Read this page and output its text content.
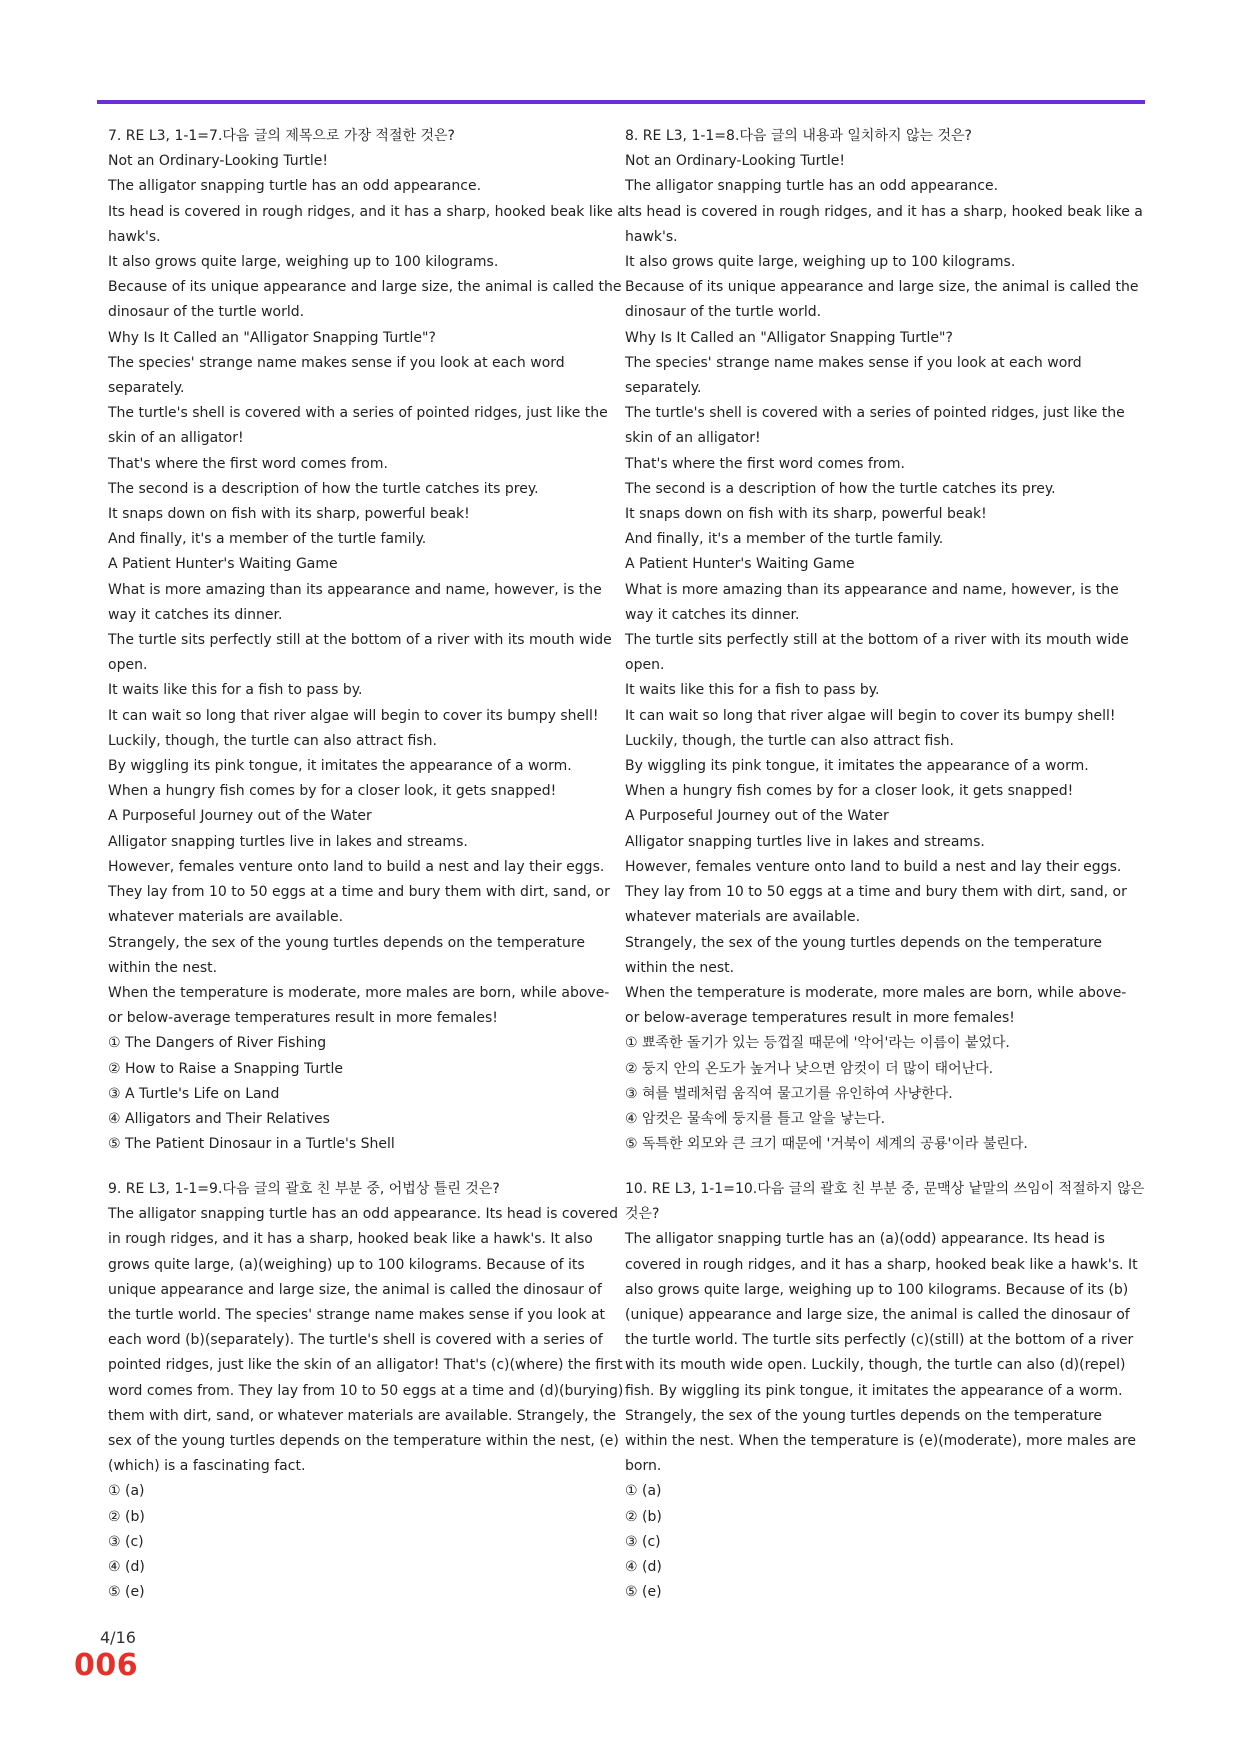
7. RE L3, 1-1=7.다음 글의 제목으로 가장 적절한 것은?

Not an Ordinary-Looking Turtle!

The alligator snapping turtle has an odd appearance.

Its head is covered in rough ridges, and it has a sharp, hooked beak like a hawk's.

It also grows quite large, weighing up to 100 kilograms.

Because of its unique appearance and large size, the animal is called the dinosaur of the turtle world.

Why Is It Called an "Alligator Snapping Turtle"?

The species' strange name makes sense if you look at each word separately.

The turtle's shell is covered with a series of pointed ridges, just like the skin of an alligator!

That's where the first word comes from.

The second is a description of how the turtle catches its prey.

It snaps down on fish with its sharp, powerful beak!

And finally, it's a member of the turtle family.

A Patient Hunter's Waiting Game

What is more amazing than its appearance and name, however, is the way it catches its dinner.

The turtle sits perfectly still at the bottom of a river with its mouth wide open.

It waits like this for a fish to pass by.

It can wait so long that river algae will begin to cover its bumpy shell!

Luckily, though, the turtle can also attract fish.

By wiggling its pink tongue, it imitates the appearance of a worm.

When a hungry fish comes by for a closer look, it gets snapped!

A Purposeful Journey out of the Water

Alligator snapping turtles live in lakes and streams.

However, females venture onto land to build a nest and lay their eggs.

They lay from 10 to 50 eggs at a time and bury them with dirt, sand, or whatever materials are available.

Strangely, the sex of the young turtles depends on the temperature within the nest.

When the temperature is moderate, more males are born, while above- or below-average temperatures result in more females!

① The Dangers of River Fishing

② How to Raise a Snapping Turtle

③ A Turtle's Life on Land

④ Alligators and Their Relatives

⑤ The Patient Dinosaur in a Turtle's Shell

8. RE L3, 1-1=8.다음 글의 내용과 일치하지 않는 것은?

Not an Ordinary-Looking Turtle!

The alligator snapping turtle has an odd appearance.

Its head is covered in rough ridges, and it has a sharp, hooked beak like a hawk's.

It also grows quite large, weighing up to 100 kilograms.

Because of its unique appearance and large size, the animal is called the dinosaur of the turtle world.

Why Is It Called an "Alligator Snapping Turtle"?

The species' strange name makes sense if you look at each word separately.

The turtle's shell is covered with a series of pointed ridges, just like the skin of an alligator!

That's where the first word comes from.

The second is a description of how the turtle catches its prey.

It snaps down on fish with its sharp, powerful beak!

And finally, it's a member of the turtle family.

A Patient Hunter's Waiting Game

What is more amazing than its appearance and name, however, is the way it catches its dinner.

The turtle sits perfectly still at the bottom of a river with its mouth wide open.

It waits like this for a fish to pass by.

It can wait so long that river algae will begin to cover its bumpy shell!

Luckily, though, the turtle can also attract fish.

By wiggling its pink tongue, it imitates the appearance of a worm.

When a hungry fish comes by for a closer look, it gets snapped!

A Purposeful Journey out of the Water

Alligator snapping turtles live in lakes and streams.

However, females venture onto land to build a nest and lay their eggs.

They lay from 10 to 50 eggs at a time and bury them with dirt, sand, or whatever materials are available.

Strangely, the sex of the young turtles depends on the temperature within the nest.

When the temperature is moderate, more males are born, while above- or below-average temperatures result in more females!

① 뾰족한 돌기가 있는 등껍질 때문에 '악어'라는 이름이 붙었다.

② 둥지 안의 온도가 높거나 낮으면 암컷이 더 많이 태어난다.

③ 혀를 벌레처럼 움직여 물고기를 유인하여 사냥한다.

④ 암컷은 물속에 둥지를 틀고 알을 낳는다.

⑤ 독특한 외모와 큰 크기 때문에 '거북이 세계의 공룡'이라 불린다.

9. RE L3, 1-1=9.다음 글의 괄호 친 부분 중, 어법상 틀린 것은?

The alligator snapping turtle has an odd appearance. Its head is covered in rough ridges, and it has a sharp, hooked beak like a hawk's. It also grows quite large, (a)(weighing) up to 100 kilograms. Because of its unique appearance and large size, the animal is called the dinosaur of the turtle world. The species' strange name makes sense if you look at each word (b)(separately). The turtle's shell is covered with a series of pointed ridges, just like the skin of an alligator! That's (c)(where) the first word comes from. They lay from 10 to 50 eggs at a time and (d)(burying) them with dirt, sand, or whatever materials are available. Strangely, the sex of the young turtles depends on the temperature within the nest, (e)(which) is a fascinating fact.

① (a)

② (b)

③ (c)

④ (d)

⑤ (e)

10. RE L3, 1-1=10.다음 글의 괄호 친 부분 중, 문맥상 낱말의 쓰임이 적절하지 않은 것은?

The alligator snapping turtle has an (a)(odd) appearance. Its head is covered in rough ridges, and it has a sharp, hooked beak like a hawk's. It also grows quite large, weighing up to 100 kilograms. Because of its (b)(unique) appearance and large size, the animal is called the dinosaur of the turtle world. The turtle sits perfectly (c)(still) at the bottom of a river with its mouth wide open. Luckily, though, the turtle can also (d)(repel) fish. By wiggling its pink tongue, it imitates the appearance of a worm. Strangely, the sex of the young turtles depends on the temperature within the nest. When the temperature is (e)(moderate), more males are born.

① (a)

② (b)

③ (c)

④ (d)

⑤ (e)

4/16
006
